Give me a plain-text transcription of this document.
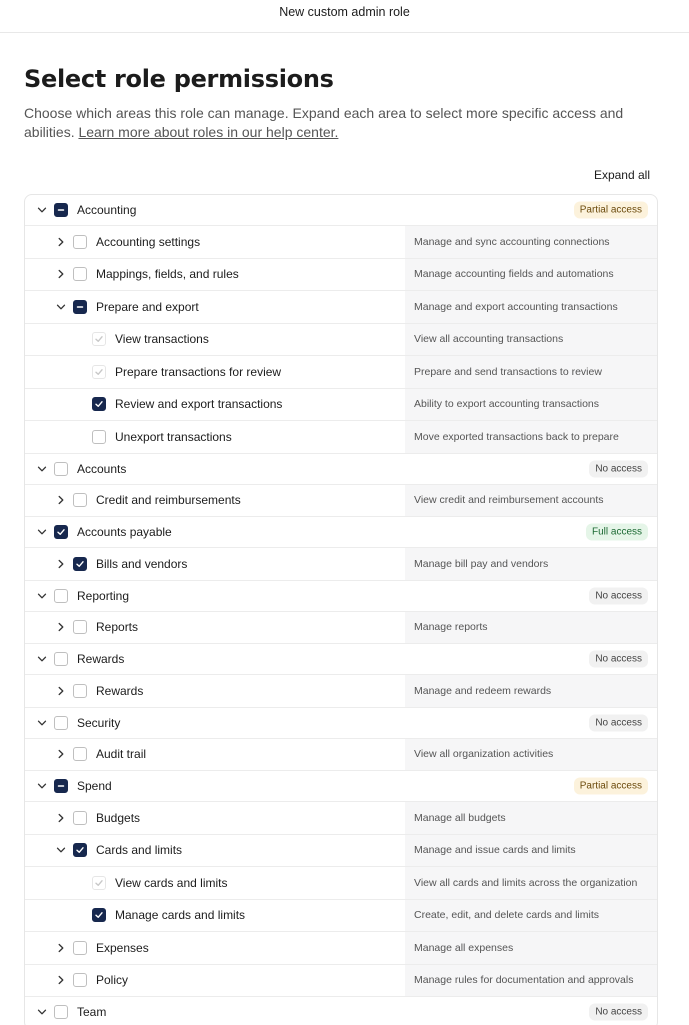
New custom admin role
Select role permissions

Choose which areas this role can manage. Expand each area to select more specific access and abilities. Learn more about roles in our help center.

Expand all
Accounting	Partial access
Accounting settings	Manage and sync accounting connections
Mappings, fields, and rules	Manage accounting fields and automations
Prepare and export	Manage and export accounting transactions
View transactions	View all accounting transactions
Prepare transactions for review	Prepare and send transactions to review
Review and export transactions	Ability to export accounting transactions
Unexport transactions	Move exported transactions back to prepare
Accounts	No access
Credit and reimbursements	View credit and reimbursement accounts
Accounts payable	Full access
Bills and vendors	Manage bill pay and vendors
Reporting	No access
Reports	Manage reports
Rewards	No access
Rewards	Manage and redeem rewards
Security	No access
Audit trail	View all organization activities
Spend	Partial access
Budgets	Manage all budgets
Cards and limits	Manage and issue cards and limits
View cards and limits	View all cards and limits across the organization
Manage cards and limits	Create, edit, and delete cards and limits
Expenses	Manage all expenses
Policy	Manage rules for documentation and approvals
Team	No access
